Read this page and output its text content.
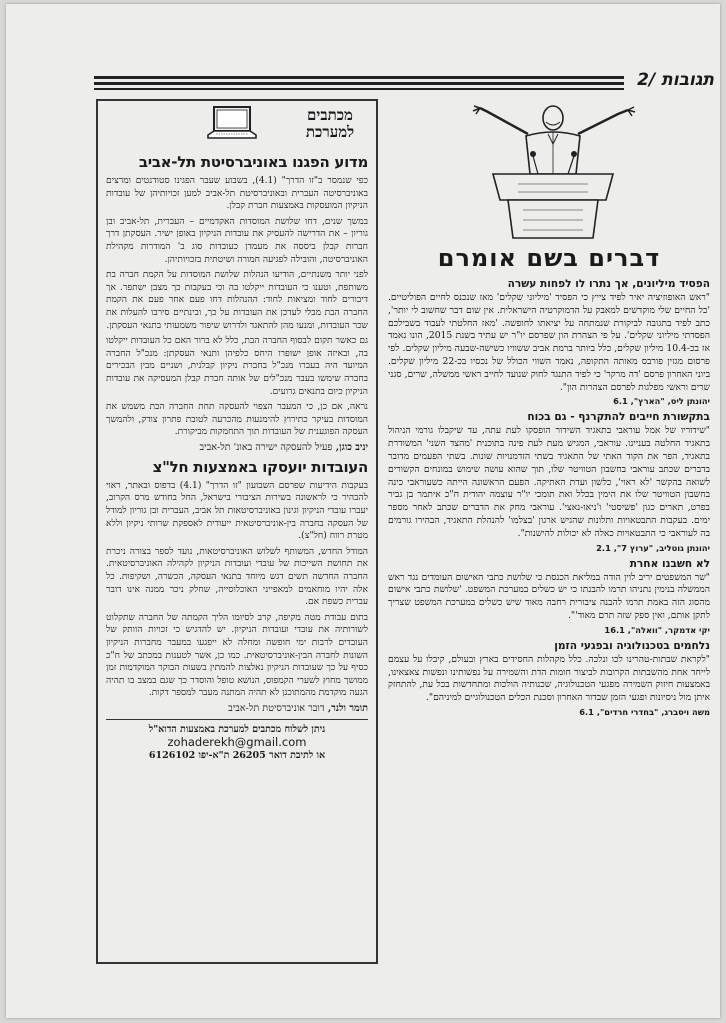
תגובות /2
מכתבים
למערכת
מדוע הפגנו באוניברסיטת תל-אביב

כפי שנמסר ב"זו הדרך" (4.1), בשבוע שעבר הפגינו סטודנטים ומרצים באוניברסיטה העברית ובאוניברסיטת תל-אביב למען זכויותיהן של עובדות הניקיון המועסקות באמצעות חברת קבלן.

במשך שנים, דחו שלושת המוסדות האקדמיים – העברית, תל-אביב ובן גוריון – את הדרישה להעסיק את עובדות הניקיון באופן ישיר. העסקתן דרך חברות קבלן ביססה את מעמדן כעובדות סוג ב' המודרות מקהילת האוניברסיטה, והובילה לפגיעה חמורה ושיטתית בזכויותיהן.

לפני יותר משנתיים, הודיעו הנהלות שלושת המוסדות על הקמת חברה בת משותפת, וטענו כי העובדות ייקלטו בה וכי בעקבות כך מצבן ישתפר. אך דיבורים לחוד ומציאות לחוד: ההנהלות דחו פעם אחר פעם את הקמת החברה הבת מבלי לעדכן את העובדות על כך, ובינתיים סירבו להעלות את שכר העובדות, ומנעו מהן להתאגד ולדרוש שיפור משמעותי בתנאי העסקתן.

גם כאשר תקום לבסוף החברה הבת, כלל לא ברור האם כל העובדות ייקלטו בה, ובאיזה אופן ישופרו היחס כלפיהן ותנאי העסקתן: מנכ"ל החברה המיועד היה בעברו מנכ"ל בחברת ניקיון קבלנית, ושניים מבין הבכירים בחברה שימשו בעבר מנכ"לים של אותה חברת קבלן המעסיקה את עובדות הניקיון כיום בתנאים גרועים.

נראה, אם כן, כי המעבר הצפוי להעסקה תחת החברה הבת משמש את המוסדות בעיקר כתירוץ להימנעות מהכרעה לטובת פתרון צודק, ולהמשך העסקה הפוגענית של העובדות תוך התחמקות מביקורת.

יניב כוגן, פעיל להעסקה ישירה באונ' תל-אביב
העובדות יועסקו באמצעות חל"צ

בעקבות הידיעות שפרסם השבועון "זו הדרך" (4.1) בדפוס ובאתר, ראוי להבהיר כי לראשונה בשירות הציבורי בישראל, החל בחודש מרס הקרוב, יעברו עובדי הניקיון וגינון באוניברסיטאות תל אביב, העברית ובן גוריון למודל של העסקה בחברה בין-אוניברסיטאית ייעודית לאספקת שרותי ניקיון וללא מטרת רווח (חל"צ).

המודל החדש, המשותף לשלוש האוניברסיטאות, נועד לספר בצורה ניכרת את תחושת השייכות של עובדי ועובדות הניקיון לקהילה האוניברסיטאית. החברה החדשה תשים דגש מיוחד בתנאי העסקה, הכשרה, ושקיפות. כל אלה יהיו מוחאמים למאפייני האוכלוסייה, שחלק ניכר ממנה אינו דובר עברית כשפת אם.

בתום עבודת מטה מקיפה, קרב לסיומו הליך הקמתה של החברה שתקלוט לשורותיה את עובדי ועובדות הניקיון. יש להדגיש כי זכויות הוותק של העובדים לרבות ימי חופשה ומחלה לא ייפגעו במעבר מחברות הניקיון השונות לחברה הבין-אוניברסיטאית. כמו כן, אשר לטענות במכתב של ח"כ כסיף על כך שעובדות הניקיון נאלצות להמתין בשעות הבוקר המוקדמות זמן ממושך מחוץ לשערי הקמפוס, הנושא טופל והוסדר כך שגם במצב בו תהיה הגעה מוקדמת מהמתוכנן לא תהיה המתנה מעבר למספר דקות.

תומר ולנר, דובר אוניברסיטת תל-אביב
ניתן לשלוח מכתבים למערכת באמצעות הדוא"ל
zohaderekh@gmail.com
או לתיבת דואר 26205 ת"א-יפו 6126102
דברים בשם אומרם
הפסיד מיליונים, אך נתרו לו לפחות עשרה

"ראש האופוזיציה יאיר לפיד צייץ כי הפסיד 'מיליוני שקלים' מאז שנכנס לחיים הפוליטיים. 'כל החיים שלי מוקדשים למאבק על הדמוקרטיה הישראלית. אין שום דבר שחשוב לי יותר', כתב לפיד בתגובה לביקורת שנמתחה על יציאתו לחופשה. 'מאז החלטתי לעבוד בשבילכם הפסדתי מיליוני שקלים'. על פי הצהרת הון שפרסם יו"ר יש עתיד בשנת 2015, הונו נאמד אז בכ-10.4 מיליון שקלים, כלל ביותר ברמת אביב ששוויו כשישה-שבעה מיליון שקלים. לפי פרסום מגזין פורבס מאותה התקופה, נאמד השווי הכולל של נכסיו בכ-22 מיליון שקלים. ביוני האחרון פרסם 'דה מרקר' כי לפיד התנגד לחוק שנועד לחייב ראשי ממשלה, שרים, סגני שרים וראשי מפלגות לפרסם הצהרות הון".

יהונתן ליס, "הארץ", 6.1
בתקשורת חייבים להתקרנף - גם בכוח

"שידוריו של אמל עוראבי בתאגיד השידור הופסקו לעת עתה, עד שיקבלו גורמי הניהול בתאגיד החלטה בעניינו. עוראבי, המגיש מעת לעת פינה בתוכנית 'מהצד השני' המשודרת בתאגיד, הפר את הקוד האתי של התאגיד בשתי הזדמנויות שונות. בשתי הפעמים מדובר בדברים שכתב עוראבי בחשבון הטוויטר שלו, תוך שהוא עושה שימוש במונחים הקשורים לשואה בהקשר 'לא ראוי', כלשון ועדת האתיקה. הפעם הראשונה הייתה כשעוראבי כינה בחשבון הטוויטר שלו את הימין בכלל ואת תומכי יו"ר עוצמה יהודית ח"כ איתמר בן גביר בפרט, תארים כגון 'פשיסטי' ו'ניאו-נאצי'. עוראבי מחק את הדברים שכתב לאחר מספר ימים. בעקבות התבטאויות ותלונות שהגיש ארגון 'בצלמו' להנהלת התאגיד, הבהירו גורמים בה לעוראבי כי התבטאויות כאלה לא יכולות להישנות".

יהונתן גוטליב, "ערוץ 7", 2.1
לא חשבנו אחרת

"שר המשפטים יריב לוין הודה במליאת הכנסת כי שלושת כתבי האישום העומדים נגד ראש הממשלה בנימין נתניהו תרמו להבנתו כי יש כשלים במערכת המשפט. 'שלושת כתבי אישום מהסוג הזה באמת תרמו להבנה ציבורית רחבה מאוד שיש כשלים במערכת המשפט שצריך לתקן אותם, ואין ספק שזה תרם מאוד'".

יקי אדמקר, "וואלה", 16.1
נלחמים בטכנולוגיה ובפגעי הזמן

"לקראת שבתות-טהרינו לכו ונלכה. כלל מקהלות החסידים בארץ ובעולם, קיבלו על עצמם לייחד אחת מהשבתות הקרובות לביצור חומות הדת והשמירה על נפשותינו ונפשות צאצאינו, באמצעות חיזוק השמירה מפגעי הטכנולוגיה, שכנותיה הולכות ומתחדשות בכל עת, להתחזק איתן מול ניסיונות ופגעי הזמן שבדור האחרון וסכנת הכלים הטכנולוגיים למיניהם".

משה ויסברג, "בחדרי חרדים", 6.1
